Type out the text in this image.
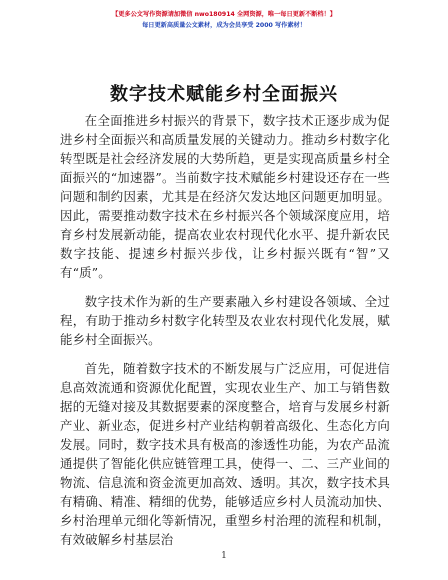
【更多公文写作资源请加微信 nwo180914 全网资源，唯一每日更新不断档！】
每日更新高质量公文素材，成为会员享受 2000 写作素材！
数字技术赋能乡村全面振兴

在全面推进乡村振兴的背景下，数字技术正逐步成为促进乡村全面振兴和高质量发展的关键动力。推动乡村数字化转型既是社会经济发展的大势所趋，更是实现高质量乡村全面振兴的“加速器”。当前数字技术赋能乡村建设还存在一些问题和制约因素，尤其是在经济欠发达地区问题更加明显。因此，需要推动数字技术在乡村振兴各个领域深度应用，培育乡村发展新动能，提高农业农村现代化水平、提升新农民数字技能、提速乡村振兴步伐，让乡村振兴既有“智”又有“质”。

数字技术作为新的生产要素融入乡村建设各领域、全过程，有助于推动乡村数字化转型及农业农村现代化发展，赋能乡村全面振兴。

首先，随着数字技术的不断发展与广泛应用，可促进信息高效流通和资源优化配置，实现农业生产、加工与销售数据的无缝对接及其数据要素的深度整合，培育与发展乡村新产业、新业态，促进乡村产业结构朝着高级化、生态化方向发展。同时，数字技术具有极高的渗透性功能，为农产品流通提供了智能化供应链管理工具，使得一、二、三产业间的物流、信息流和资金流更加高效、透明。其次，数字技术具有精确、精准、精细的优势，能够适应乡村人员流动加快、乡村治理单元细化等新情况，重塑乡村治理的流程和机制，有效破解乡村基层治

1
